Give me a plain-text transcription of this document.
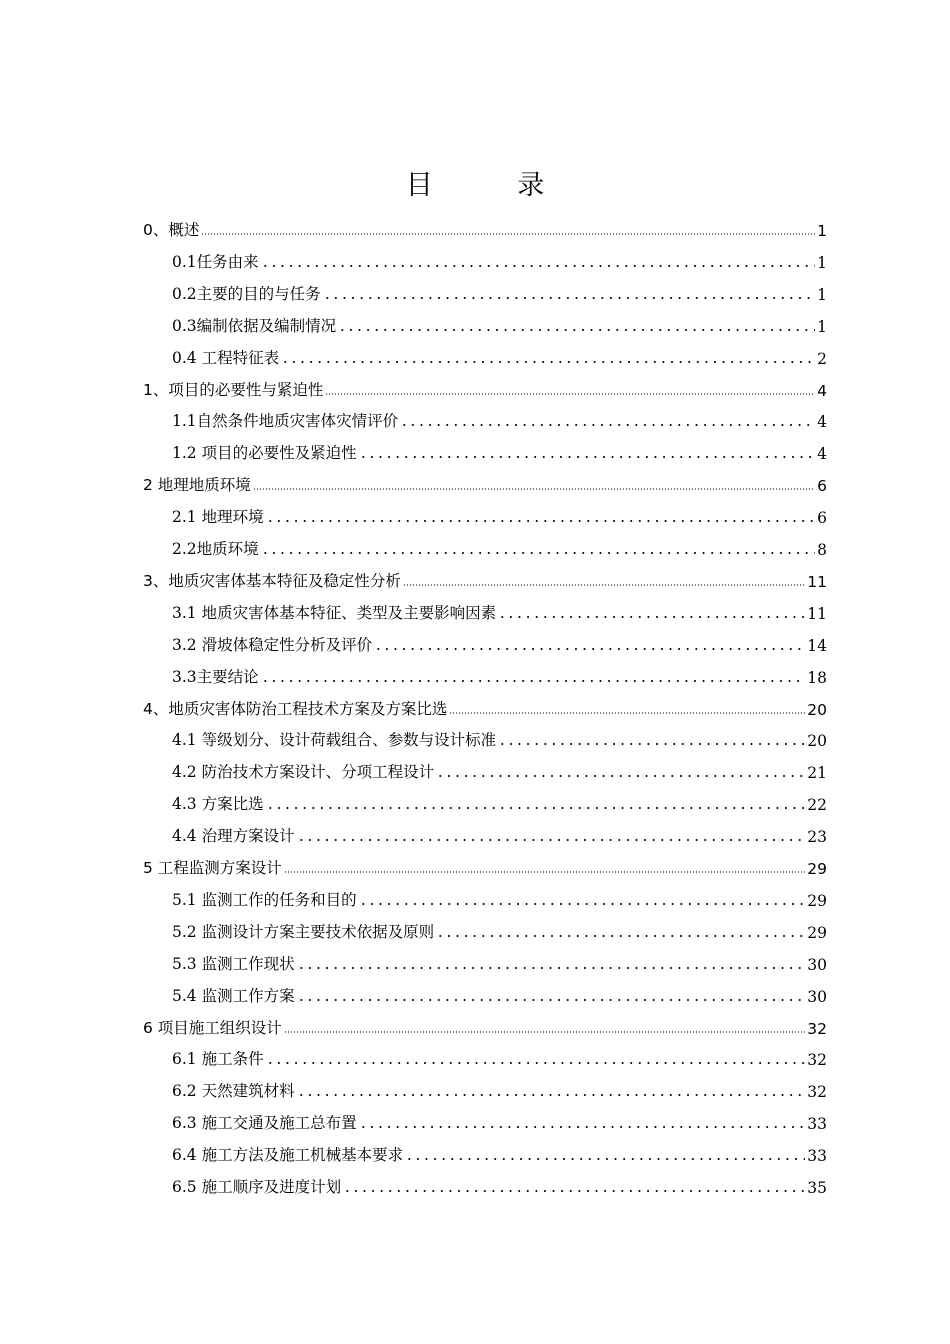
目 录
0、概述	1
0.1任务由来	1
0.2主要的目的与任务	1
0.3编制依据及编制情况	1
0.4 工程特征表	2
1、项目的必要性与紧迫性	4
1.1自然条件地质灾害体灾情评价	4
1.2 项目的必要性及紧迫性	4
2 地理地质环境	6
2.1 地理环境	6
2.2地质环境	8
3、地质灾害体基本特征及稳定性分析	11
3.1 地质灾害体基本特征、类型及主要影响因素	11
3.2 滑坡体稳定性分析及评价	14
3.3主要结论	18
4、地质灾害体防治工程技术方案及方案比选	20
4.1 等级划分、设计荷载组合、参数与设计标准	20
4.2 防治技术方案设计、分项工程设计	21
4.3 方案比选	22
4.4 治理方案设计	23
5 工程监测方案设计	29
5.1 监测工作的任务和目的	29
5.2 监测设计方案主要技术依据及原则	29
5.3 监测工作现状	30
5.4 监测工作方案	30
6 项目施工组织设计	32
6.1 施工条件	32
6.2 天然建筑材料	32
6.3 施工交通及施工总布置	33
6.4 施工方法及施工机械基本要求	33
6.5 施工顺序及进度计划	35
